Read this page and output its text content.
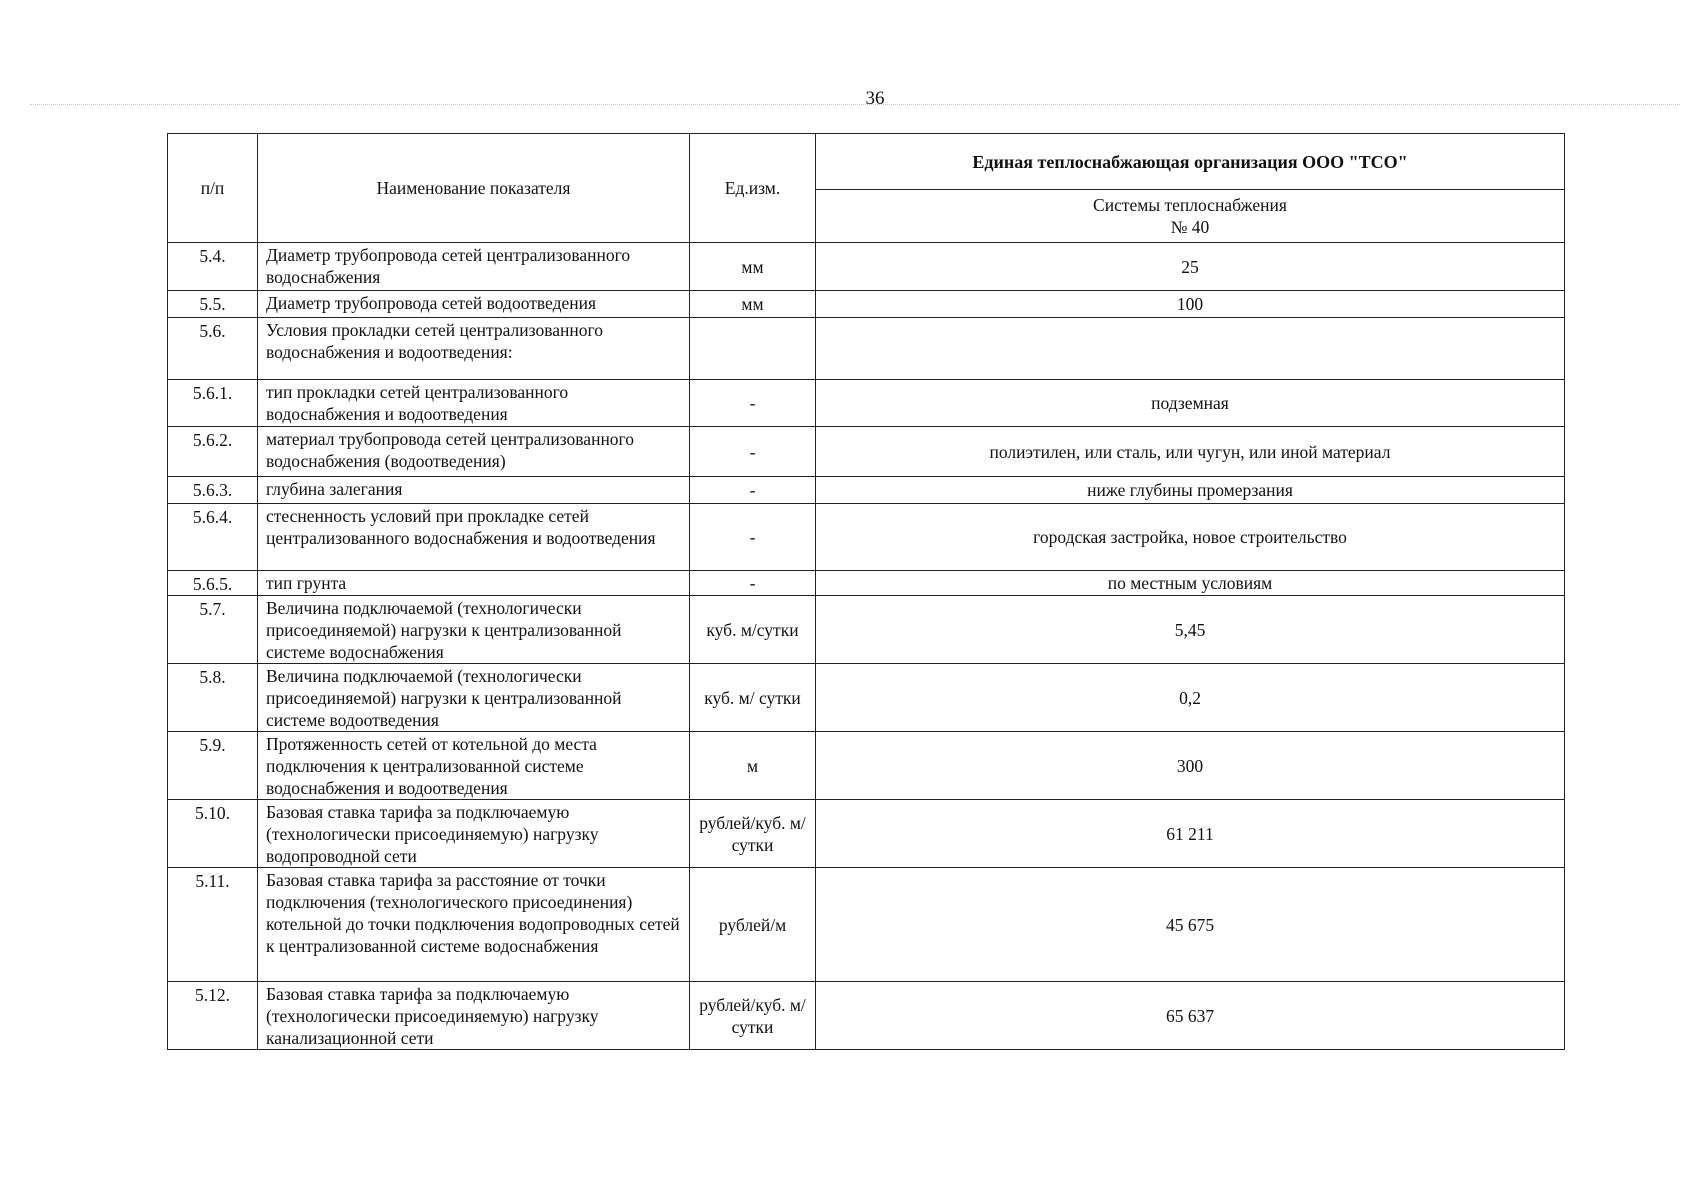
36
п/п	Наименование показателя	Ед.изм.	Единая теплоснабжающая организация ООО "ТСО"
			Системы теплоснабжения
№ 40
5.4.	Диаметр трубопровода сетей централизованного водоснабжения	мм	25
5.5.	Диаметр трубопровода сетей водоотведения	мм	100
5.6.	Условия прокладки сетей централизованного водоснабжения и водоотведения:		
5.6.1.	тип прокладки сетей централизованного водоснабжения и водоотведения	-	подземная
5.6.2.	материал трубопровода сетей централизованного водоснабжения (водоотведения)	-	полиэтилен, или сталь, или чугун, или иной материал
5.6.3.	глубина залегания	-	ниже глубины промерзания
5.6.4.	стесненность условий при прокладке сетей централизованного водоснабжения и водоотведения	-	городская застройка, новое строительство
5.6.5.	тип грунта	-	по местным условиям
5.7.	Величина подключаемой (технологически присоединяемой) нагрузки к централизованной системе водоснабжения	куб. м/сутки	5,45
5.8.	Величина подключаемой (технологически присоединяемой) нагрузки к централизованной системе водоотведения	куб. м/ сутки	0,2
5.9.	Протяженность сетей от котельной до места подключения к централизованной системе водоснабжения и водоотведения	м	300
5.10.	Базовая ставка тарифа за подключаемую (технологически присоединяемую) нагрузку водопроводной сети	рублей/куб. м/сутки	61 211
5.11.	Базовая ставка тарифа за расстояние от точки подключения (технологического присоединения) котельной до точки подключения водопроводных сетей к централизованной системе водоснабжения	рублей/м	45 675
5.12.	Базовая ставка тарифа за подключаемую (технологически присоединяемую) нагрузку канализационной сети	рублей/куб. м/сутки	65 637
